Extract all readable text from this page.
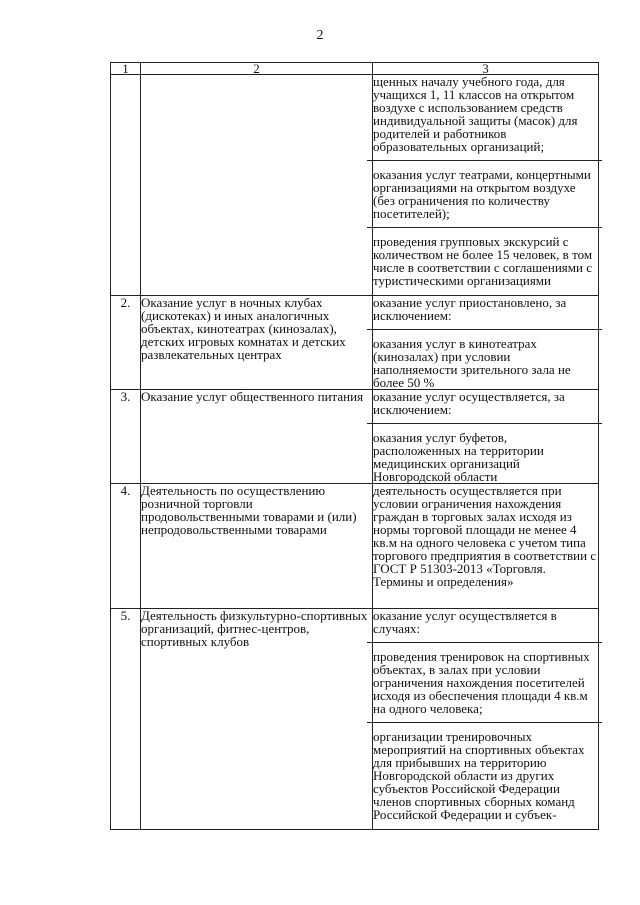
2
1	2	3

		щенных началу учебного года, для учащихся 1, 11 классов на открытом воздухе с использованием средств индивидуальной защиты (масок) для родителей и работников образовательных организаций;

оказания услуг театрами, концертными организациями на открытом воздухе (без ограничения по количеству посетителей);

проведения групповых экскурсий с количеством не более 15 человек, в том числе в соответствии с соглашениями с туристическими организациями

2.	Оказание услуг в ночных клубах (дискотеках) и иных аналогичных объектах, кинотеатрах (кинозалах), детских игровых комнатах и детских развлекательных центрах	оказание услуг приостановлено, за исключением:

оказания услуг в кинотеатрах (кинозалах) при условии наполняемости зрительного зала не более 50 %

3.	Оказание услуг общественного питания	оказание услуг осуществляется, за исключением:

оказания услуг буфетов, расположенных на территории медицинских организаций Новгородской области

4.	Деятельность по осуществлению розничной торговли продовольственными товарами и (или) непродовольственными товарами	деятельность осуществляется при условии ограничения нахождения граждан в торговых залах исходя из нормы торговой площади не менее 4 кв.м на одного человека с учетом типа торгового предприятия в соответствии с ГОСТ Р 51303-2013 «Торговля. Термины и определения»

5.	Деятельность физкультурно-спортивных организаций, фитнес-центров, спортивных клубов	оказание услуг осуществляется в случаях:

проведения тренировок на спортивных объектах, в залах при условии ограничения нахождения посетителей исходя из обеспечения площади 4 кв.м на одного человека;

организации тренировочных мероприятий на спортивных объектах для прибывших на территорию Новгородской области из других субъектов Российской Федерации членов спортивных сборных команд Российской Федерации и субъек-
